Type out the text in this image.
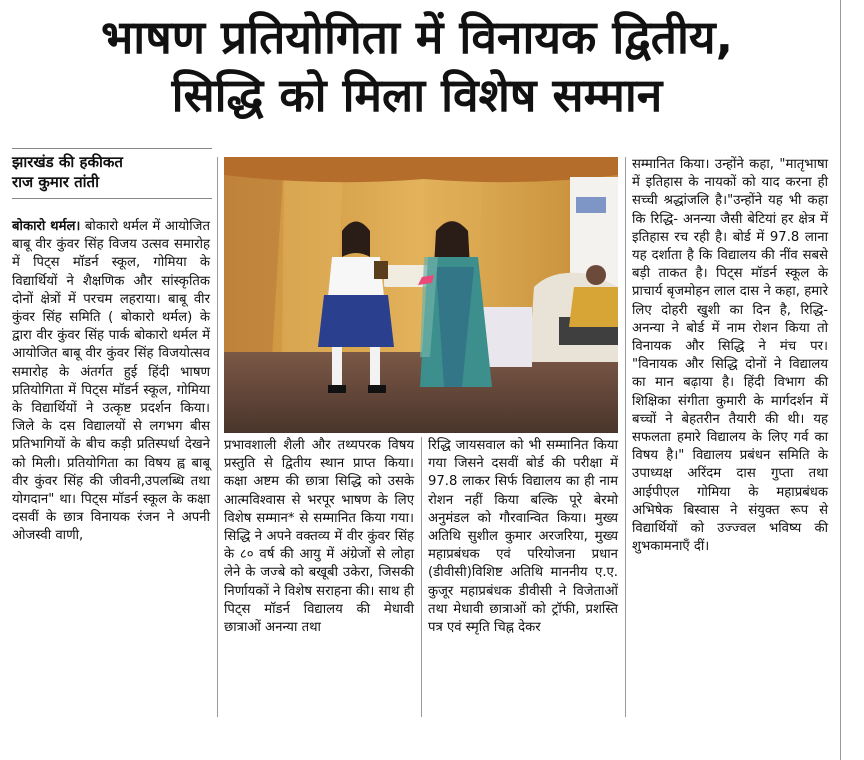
भाषण प्रतियोगिता में विनायक द्वितीय,
सिद्धि को मिला विशेष सम्मान
झारखंड की हकीकत
राज कुमार तांती
बोकारो थर्मल। बोकारो थर्मल में आयोजित बाबू वीर कुंवर सिंह विजय उत्सव समारोह में पिट्स मॉडर्न स्कूल, गोमिया के विद्यार्थियों ने शैक्षणिक और सांस्कृतिक दोनों क्षेत्रों में परचम लहराया। बाबू वीर कुंवर सिंह समिति ( बोकारो थर्मल) के द्वारा वीर कुंवर सिंह पार्क बोकारो थर्मल में आयोजित बाबू वीर कुंवर सिंह विजयोत्सव समारोह के अंतर्गत हुई हिंदी भाषण प्रतियोगिता में पिट्स मॉडर्न स्कूल, गोमिया के विद्यार्थियों ने उत्कृष्ट प्रदर्शन किया। जिले के दस विद्यालयों से लगभग बीस प्रतिभागियों के बीच कड़ी प्रतिस्पर्धा देखने को मिली। प्रतियोगिता का विषय ह्व बाबू वीर कुंवर सिंह की जीवनी,उपलब्धि तथा योगदान" था। पिट्स मॉडर्न स्कूल के कक्षा दसवीं के छात्र विनायक रंजन ने अपनी ओजस्वी वाणी,
प्रभावशाली शैली और तथ्यपरक विषय प्रस्तुति से द्वितीय स्थान प्राप्त किया। कक्षा अष्टम की छात्रा सिद्धि को उसके आत्मविश्वास से भरपूर भाषण के लिए विशेष सम्मान* से सम्मानित किया गया। सिद्धि ने अपने वक्तव्य में वीर कुंवर सिंह के ८० वर्ष की आयु में अंग्रेजों से लोहा लेने के जज्बे को बखूबी उकेरा, जिसकी निर्णायकों ने विशेष सराहना की। साथ ही पिट्स मॉडर्न विद्यालय की मेधावी छात्राओं अनन्या तथा
रिद्धि जायसवाल को भी सम्मानित किया गया जिसने दसवीं बोर्ड की परीक्षा में 97.8 लाकर सिर्फ विद्यालय का ही नाम रोशन नहीं किया बल्कि पूरे बेरमो अनुमंडल को गौरवान्वित किया। मुख्य अतिथि सुशील कुमार अरजरिया, मुख्य महाप्रबंधक एवं परियोजना प्रधान (डीवीसी)विशिष्ट अतिथि माननीय ए.ए. कुजूर महाप्रबंधक डीवीसी ने विजेताओं तथा मेधावी छात्राओं को ट्रॉफी, प्रशस्ति पत्र एवं स्मृति चिह्न देकर
सम्मानित किया। उन्होंने कहा, "मातृभाषा में इतिहास के नायकों को याद करना ही सच्ची श्रद्धांजलि है।"उन्होंने यह भी कहा कि रिद्धि- अनन्या जैसी बेटियां हर क्षेत्र में इतिहास रच रही है। बोर्ड में 97.8 लाना यह दर्शाता है कि विद्यालय की नींव सबसे बड़ी ताकत है। पिट्स मॉडर्न स्कूल के प्राचार्य बृजमोहन लाल दास ने कहा, हमारे लिए दोहरी खुशी का दिन है, रिद्धि- अनन्या ने बोर्ड में नाम रोशन किया तो विनायक और सिद्धि ने मंच पर। "विनायक और सिद्धि दोनों ने विद्यालय का मान बढ़ाया है। हिंदी विभाग की शिक्षिका संगीता कुमारी के मार्गदर्शन में बच्चों ने बेहतरीन तैयारी की थी। यह सफलता हमारे विद्यालय के लिए गर्व का विषय है।" विद्यालय प्रबंधन समिति के उपाध्यक्ष अरिंदम दास गुप्ता तथा आईपीएल गोमिया के महाप्रबंधक अभिषेक बिस्वास ने संयुक्त रूप से विद्यार्थियों को उज्ज्वल भविष्य की शुभकामनाएँ दीं।
